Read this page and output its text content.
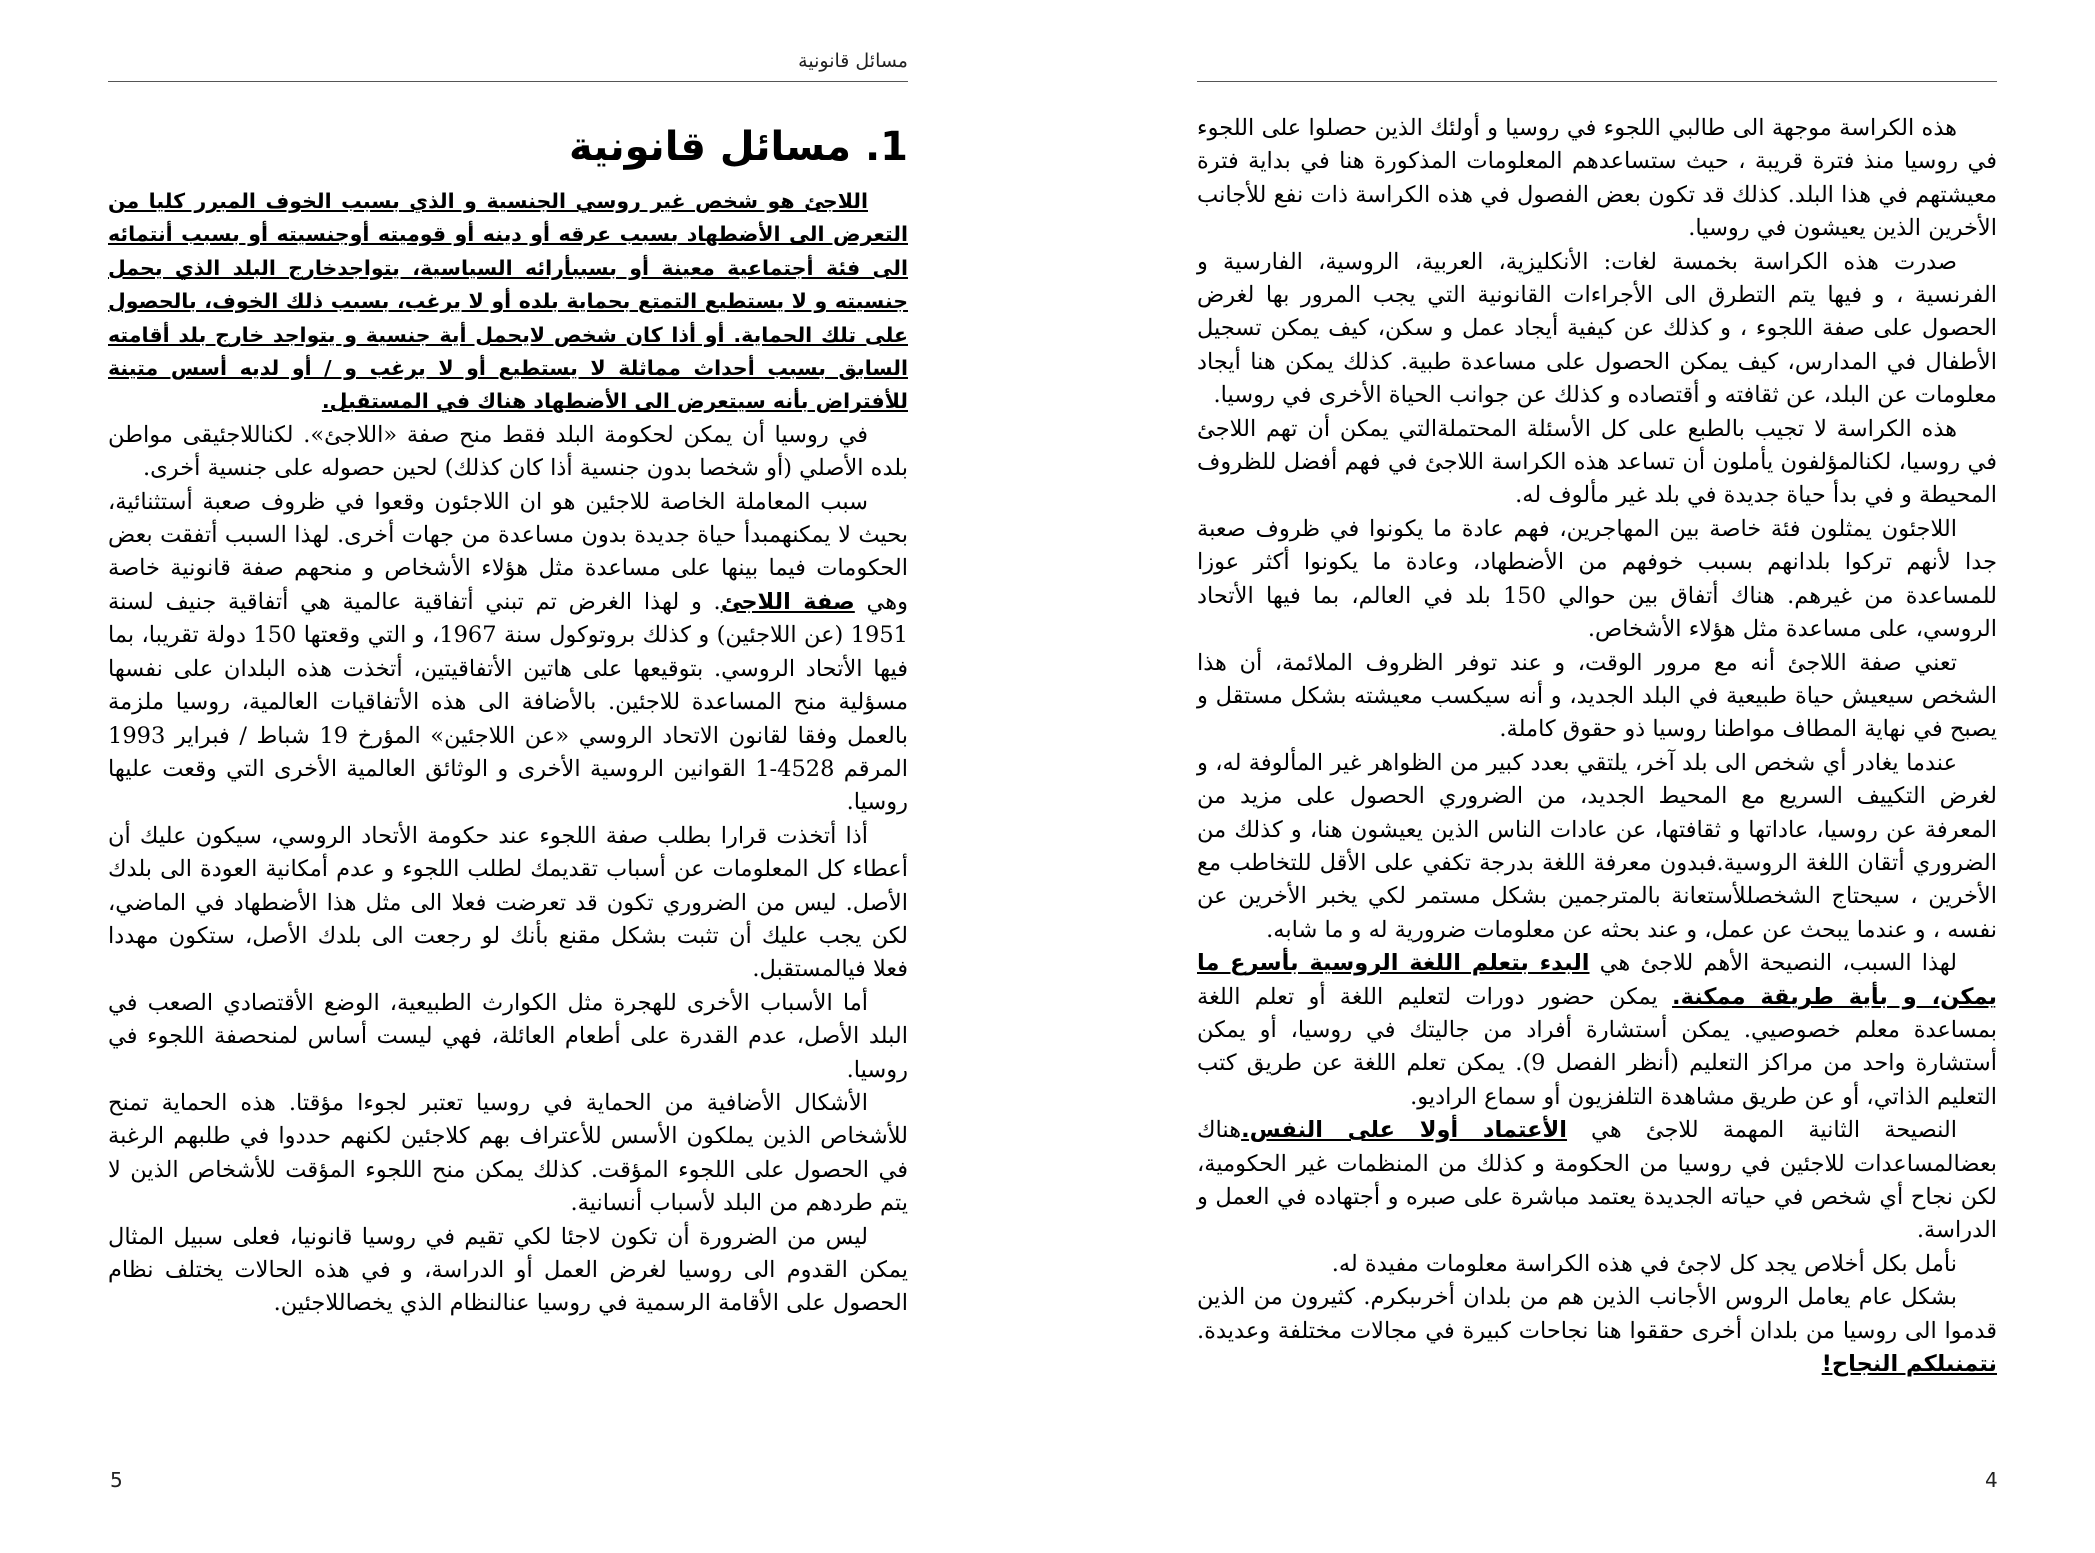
مسائل قانونية
1. مسائل قانونية

اللاجئ هو شخص غير روسي الجنسية و الذي بسبب الخوف المبرر كليا من التعرض الى الأضطهاد بسبب عرقه أو دينه أو قوميته أوجنسيته أو بسبب أنتمائه الى فئة أجتماعية معينة أو بسببأرائه السياسية، يتواجدخارج البلد الذي يحمل جنسيته و لا يستطيع التمتع بحماية بلده أو لا يرغب، بسبب ذلك الخوف، بالحصول على تلك الحماية. أو أذا كان شخص لايحمل أية جنسية و يتواجد خارج بلد أقامته السابق بسبب أحداث مماثلة لا يستطيع أو لا يرغب و / أو لديه أسس متينة للأفتراض بأنه سيتعرض الى الأضطهاد هناك في المستقبل.

في روسيا أن يمكن لحكومة البلد فقط منح صفة «اللاجئ». لكناللاجئيقى مواطن بلده الأصلي (أو شخصا بدون جنسية أذا كان كذلك) لحين حصوله على جنسية أخرى.

سبب المعاملة الخاصة للاجئين هو ان اللاجئون وقعوا في ظروف صعبة أستثنائية، بحيث لا يمكنهمبدأ حياة جديدة بدون مساعدة من جهات أخرى. لهذا السبب أتفقت بعض الحكومات فيما بينها على مساعدة مثل هؤلاء الأشخاص و منحهم صفة قانونية خاصة وهي صفة اللاجئ. و لهذا الغرض تم تبني أتفاقية عالمية هي أتفاقية جنيف لسنة 1951 (عن اللاجئين) و كذلك بروتوكول سنة 1967، و التي وقعتها 150 دولة تقريبا، بما فيها الأتحاد الروسي. بتوقيعها على هاتين الأتفاقيتين، أتخذت هذه البلدان على نفسها مسؤلية منح المساعدة للاجئين. بالأضافة الى هذه الأتفاقيات العالمية، روسيا ملزمة بالعمل وفقا لقانون الاتحاد الروسي «عن اللاجئين» المؤرخ 19 شباط / فبراير 1993 المرقم 4528-1 القوانين الروسية الأخرى و الوثائق العالمية الأخرى التي وقعت عليها روسيا.

أذا أتخذت قرارا بطلب صفة اللجوء عند حكومة الأتحاد الروسي، سيكون عليك أن أعطاء كل المعلومات عن أسباب تقديمك لطلب اللجوء و عدم أمكانية العودة الى بلدك الأصل. ليس من الضروري تكون قد تعرضت فعلا الى مثل هذا الأضطهاد في الماضي، لكن يجب عليك أن تثبت بشكل مقنع بأنك لو رجعت الى بلدك الأصل، ستكون مهددا فعلا فيالمستقبل.

أما الأسباب الأخرى للهجرة مثل الكوارث الطبيعية، الوضع الأقتصادي الصعب في البلد الأصل، عدم القدرة على أطعام العائلة، فهي ليست أساس لمنحصفة اللجوء في روسيا.

الأشكال الأضافية من الحماية في روسيا تعتبر لجوءا مؤقتا. هذه الحماية تمنح للأشخاص الذين يملكون الأسس للأعتراف بهم كلاجئين لكنهم حددوا في طلبهم الرغبة في الحصول على اللجوء المؤقت. كذلك يمكن منح اللجوء المؤقت للأشخاص الذين لا يتم طردهم من البلد لأسباب أنسانية.

ليس من الضرورة أن تكون لاجئا لكي تقيم في روسيا قانونيا، فعلى سبيل المثال يمكن القدوم الى روسيا لغرض العمل أو الدراسة، و في هذه الحالات يختلف نظام الحصول على الأقامة الرسمية في روسيا عنالنظام الذي يخصاللاجئين.

5

هذه الكراسة موجهة الى طالبي اللجوء في روسيا و أولئك الذين حصلوا على اللجوء في روسيا منذ فترة قريبة ، حيث ستساعدهم المعلومات المذكورة هنا في بداية فترة معيشتهم في هذا البلد. كذلك قد تكون بعض الفصول في هذه الكراسة ذات نفع للأجانب الأخرين الذين يعيشون في روسيا.

صدرت هذه الكراسة بخمسة لغات: الأنكليزية، العربية، الروسية، الفارسية و الفرنسية ، و فيها يتم التطرق الى الأجراءات القانونية التي يجب المرور بها لغرض الحصول على صفة اللجوء ، و كذلك عن كيفية أيجاد عمل و سكن، كيف يمكن تسجيل الأطفال في المدارس، كيف يمكن الحصول على مساعدة طبية. كذلك يمكن هنا أيجاد معلومات عن البلد، عن ثقافته و أقتصاده و كذلك عن جوانب الحياة الأخرى في روسيا.

هذه الكراسة لا تجيب بالطبع على كل الأسئلة المحتملةالتي يمكن أن تهم اللاجئ في روسيا، لكنالمؤلفون يأملون أن تساعد هذه الكراسة اللاجئ في فهم أفضل للظروف المحيطة و في بدأ حياة جديدة في بلد غير مألوف له.

اللاجئون يمثلون فئة خاصة بين المهاجرين، فهم عادة ما يكونوا في ظروف صعبة جدا لأنهم تركوا بلدانهم بسبب خوفهم من الأضطهاد، وعادة ما يكونوا أكثر عوزا للمساعدة من غيرهم. هناك أتفاق بين حوالي 150 بلد في العالم، بما فيها الأتحاد الروسي، على مساعدة مثل هؤلاء الأشخاص.

تعني صفة اللاجئ أنه مع مرور الوقت، و عند توفر الظروف الملائمة، أن هذا الشخص سيعيش حياة طبيعية في البلد الجديد، و أنه سيكسب معيشته بشكل مستقل و يصبح في نهاية المطاف مواطنا روسيا ذو حقوق كاملة.

عندما يغادر أي شخص الى بلد آخر، يلتقي بعدد كبير من الظواهر غير المألوفة له، و لغرض التكييف السريع مع المحيط الجديد، من الضروري الحصول على مزيد من المعرفة عن روسيا، عاداتها و ثقافتها، عن عادات الناس الذين يعيشون هنا، و كذلك من الضروري أتقان اللغة الروسية.فبدون معرفة اللغة بدرجة تكفي على الأقل للتخاطب مع الأخرين ، سيحتاج الشخصللأستعانة بالمترجمين بشكل مستمر لكي يخبر الأخرين عن نفسه ، و عندما يبحث عن عمل، و عند بحثه عن معلومات ضرورية له و ما شابه.

لهذا السبب، النصيحة الأهم للاجئ هي البدء بتعلم اللغة الروسية بأسرع ما يمكن، و بأية طريقة ممكنة. يمكن حضور دورات لتعليم اللغة أو تعلم اللغة بمساعدة معلم خصوصيي. يمكن أستشارة أفراد من جاليتك في روسيا، أو يمكن أستشارة واحد من مراكز التعليم (أنظر الفصل 9). يمكن تعلم اللغة عن طريق كتب التعليم الذاتي، أو عن طريق مشاهدة التلفزيون أو سماع الراديو.

النصيحة الثانية المهمة للاجئ هي الأعتماد أولا على النفس.هناك بعضالمساعدات للاجئين في روسيا من الحكومة و كذلك من المنظمات غير الحكومية، لكن نجاح أي شخص في حياته الجديدة يعتمد مباشرة على صبره و أجتهاده في العمل و الدراسة.

نأمل بكل أخلاص يجد كل لاجئ في هذه الكراسة معلومات مفيدة له.

بشكل عام يعامل الروس الأجانب الذين هم من بلدان أخرىبكرم. كثيرون من الذين قدموا الى روسيا من بلدان أخرى حققوا هنا نجاحات كبيرة في مجالات مختلفة وعديدة. نتمنىلكم النجاح!

4
